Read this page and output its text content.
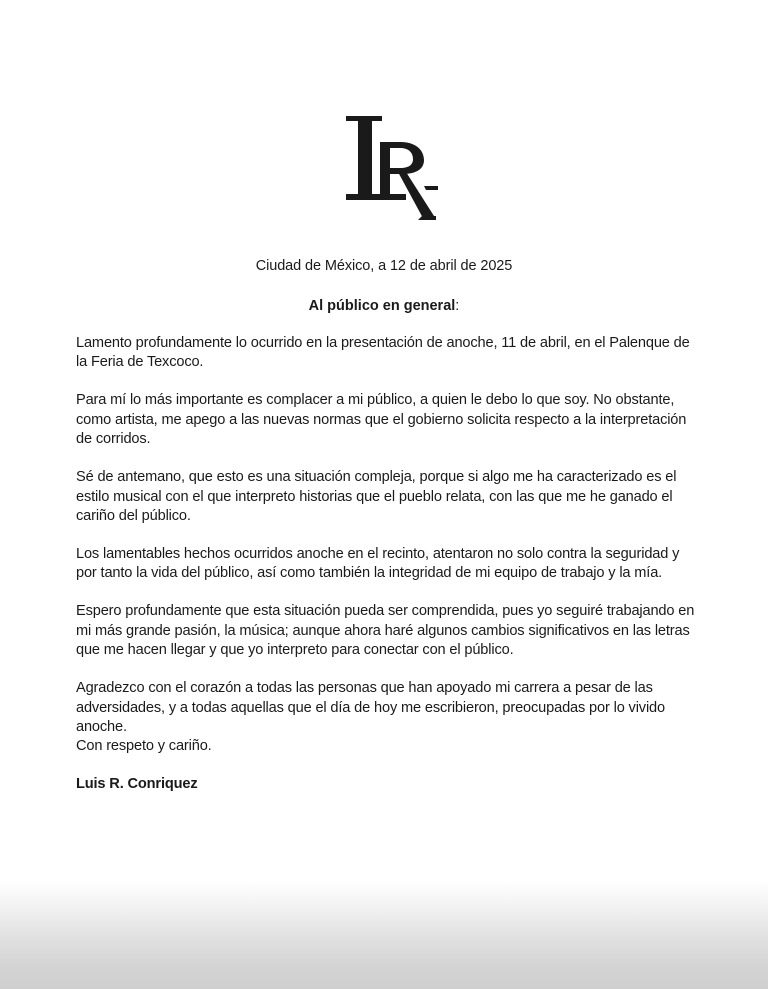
Ciudad de México, a 12 de abril de 2025
Al público en general:

Lamento profundamente lo ocurrido en la presentación de anoche, 11 de abril, en el Palenque de la Feria de Texcoco.

Para mí lo más importante es complacer a mi público, a quien le debo lo que soy. No obstante, como artista, me apego a las nuevas normas que el gobierno solicita respecto a la interpretación de corridos.

Sé de antemano, que esto es una situación compleja, porque si algo me ha caracterizado es el estilo musical con el que interpreto historias que el pueblo relata, con las que me he ganado el cariño del público.

Los lamentables hechos ocurridos anoche en el recinto, atentaron no solo contra la seguridad y por tanto la vida del público, así como también la integridad de mi equipo de trabajo y la mía.

Espero profundamente que esta situación pueda ser comprendida, pues yo seguiré trabajando en mi más grande pasión, la música; aunque ahora haré algunos cambios significativos en las letras que me hacen llegar y que yo interpreto para conectar con el público.

Agradezco con el corazón a todas las personas que han apoyado mi carrera a pesar de las adversidades, y a todas aquellas que el día de hoy me escribieron, preocupadas por lo vivido anoche.

Con respeto y cariño.

Luis R. Conriquez
